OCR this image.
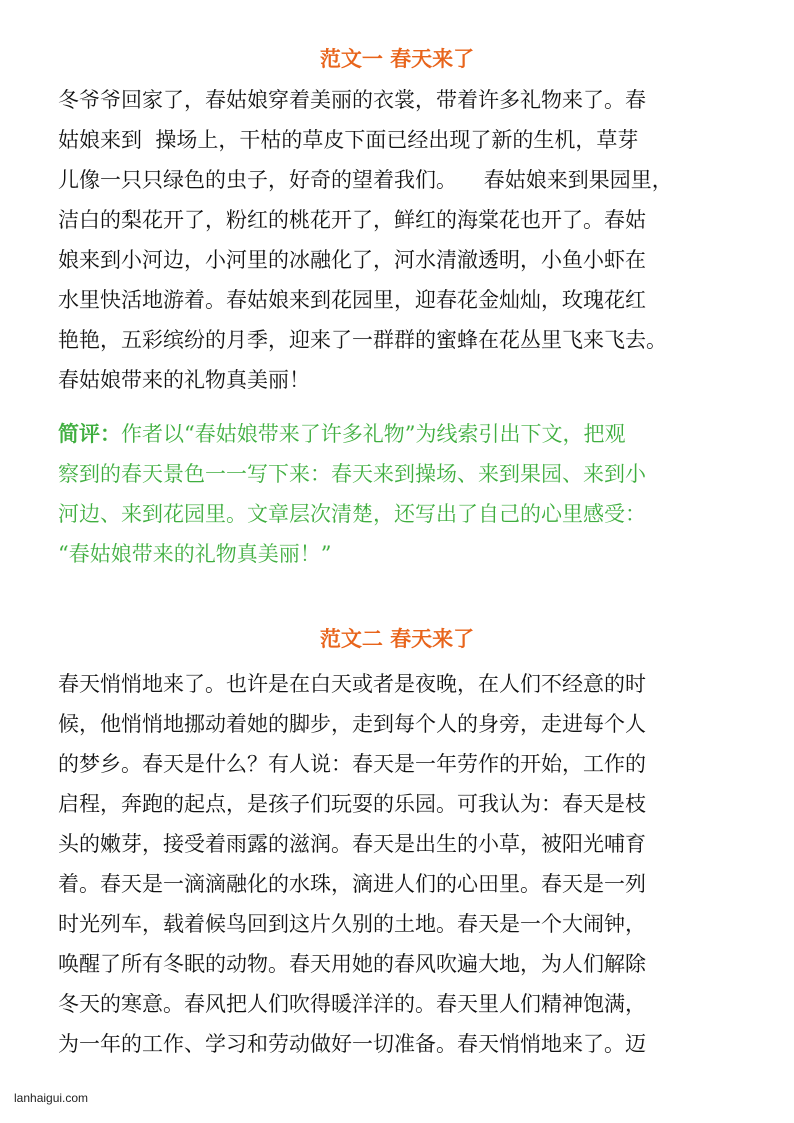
范文一 春天来了
冬爷爷回家了，春姑娘穿着美丽的衣裳，带着许多礼物来了。春
姑娘来到  操场上，干枯的草皮下面已经出现了新的生机，草芽
儿像一只只绿色的虫子，好奇的望着我们。    春姑娘来到果园里，
洁白的梨花开了，粉红的桃花开了，鲜红的海棠花也开了。春姑
娘来到小河边，小河里的冰融化了，河水清澈透明，小鱼小虾在
水里快活地游着。春姑娘来到花园里，迎春花金灿灿，玫瑰花红
艳艳，五彩缤纷的月季，迎来了一群群的蜜蜂在花丛里飞来飞去。
春姑娘带来的礼物真美丽！
简评：作者以“春姑娘带来了许多礼物”为线索引出下文，把观
察到的春天景色一一写下来：春天来到操场、来到果园、来到小
河边、来到花园里。文章层次清楚，还写出了自己的心里感受：
“春姑娘带来的礼物真美丽！”
范文二 春天来了
春天悄悄地来了。也许是在白天或者是夜晚，在人们不经意的时
候，他悄悄地挪动着她的脚步，走到每个人的身旁，走进每个人
的梦乡。春天是什么？有人说：春天是一年劳作的开始，工作的
启程，奔跑的起点，是孩子们玩耍的乐园。可我认为：春天是枝
头的嫩芽，接受着雨露的滋润。春天是出生的小草，被阳光哺育
着。春天是一滴滴融化的水珠，滴进人们的心田里。春天是一列
时光列车，载着候鸟回到这片久别的土地。春天是一个大闹钟，
唤醒了所有冬眠的动物。春天用她的春风吹遍大地，为人们解除
冬天的寒意。春风把人们吹得暖洋洋的。春天里人们精神饱满，
为一年的工作、学习和劳动做好一切准备。春天悄悄地来了。迈
lanhaigui.com
